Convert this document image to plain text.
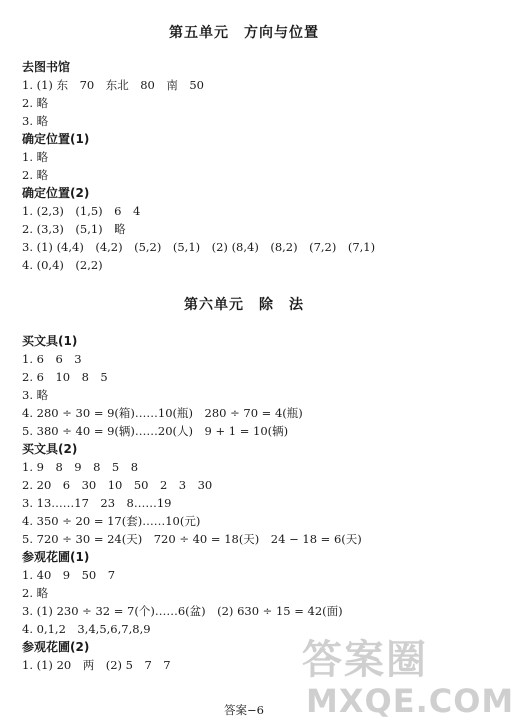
第五单元　方向与位置
去图书馆
1. (1) 东　70　东北　80　南　50
2. 略
3. 略
确定位置(1)
1. 略
2. 略
确定位置(2)
1. (2,3)　(1,5)　6　4
2. (3,3)　(5,1)　略
3. (1) (4,4)　(4,2)　(5,2)　(5,1)　(2) (8,4)　(8,2)　(7,2)　(7,1)
4. (0,4)　(2,2)
第六单元　除　法
买文具(1)
1. 6　6　3
2. 6　10　8　5
3. 略
4. 280 ÷ 30 = 9(箱)……10(瓶)　280 ÷ 70 = 4(瓶)
5. 380 ÷ 40 = 9(辆)……20(人)　9 + 1 = 10(辆)
买文具(2)
1. 9　8　9　8　5　8
2. 20　6　30　10　50　2　3　30
3. 13……17　23　8……19
4. 350 ÷ 20 = 17(套)……10(元)
5. 720 ÷ 30 = 24(天)　720 ÷ 40 = 18(天)　24 − 18 = 6(天)
参观花圃(1)
1. 40　9　50　7
2. 略
3. (1) 230 ÷ 32 = 7(个)……6(盆)　(2) 630 ÷ 15 = 42(面)
4. 0,1,2　3,4,5,6,7,8,9
参观花圃(2)
1. (1) 20　两　(2) 5　7　7
答案−6
答案圈
MXQE.COM
